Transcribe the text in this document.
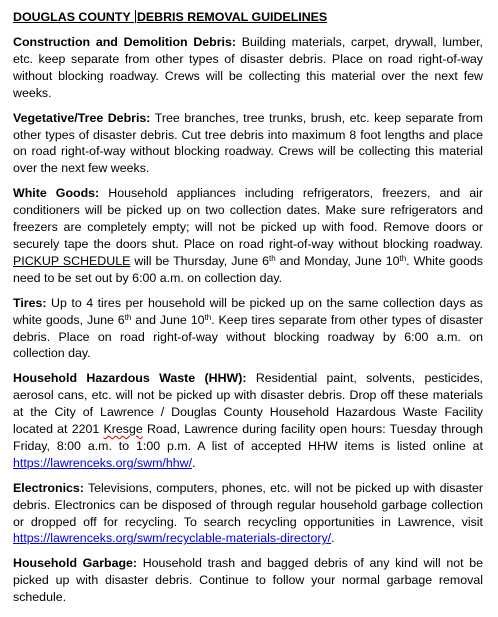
DOUGLAS COUNTY DEBRIS REMOVAL GUIDELINES

Construction and Demolition Debris: Building materials, carpet, drywall, lumber, etc. keep separate from other types of disaster debris. Place on road right-of-way without blocking roadway. Crews will be collecting this material over the next few weeks.

Vegetative/Tree Debris: Tree branches, tree trunks, brush, etc. keep separate from other types of disaster debris. Cut tree debris into maximum 8 foot lengths and place on road right-of-way without blocking roadway. Crews will be collecting this material over the next few weeks.

White Goods: Household appliances including refrigerators, freezers, and air conditioners will be picked up on two collection dates. Make sure refrigerators and freezers are completely empty; will not be picked up with food. Remove doors or securely tape the doors shut. Place on road right-of-way without blocking roadway. PICKUP SCHEDULE will be Thursday, June 6th and Monday, June 10th. White goods need to be set out by 6:00 a.m. on collection day.

Tires: Up to 4 tires per household will be picked up on the same collection days as white goods, June 6th and June 10th. Keep tires separate from other types of disaster debris. Place on road right-of-way without blocking roadway by 6:00 a.m. on collection day.

Household Hazardous Waste (HHW): Residential paint, solvents, pesticides, aerosol cans, etc. will not be picked up with disaster debris. Drop off these materials at the City of Lawrence / Douglas County Household Hazardous Waste Facility located at 2201 Kresge Road, Lawrence during facility open hours: Tuesday through Friday, 8:00 a.m. to 1:00 p.m. A list of accepted HHW items is listed online at https://lawrenceks.org/swm/hhw/.

Electronics: Televisions, computers, phones, etc. will not be picked up with disaster debris. Electronics can be disposed of through regular household garbage collection or dropped off for recycling. To search recycling opportunities in Lawrence, visit https://lawrenceks.org/swm/recyclable-materials-directory/.

Household Garbage: Household trash and bagged debris of any kind will not be picked up with disaster debris. Continue to follow your normal garbage removal schedule.
